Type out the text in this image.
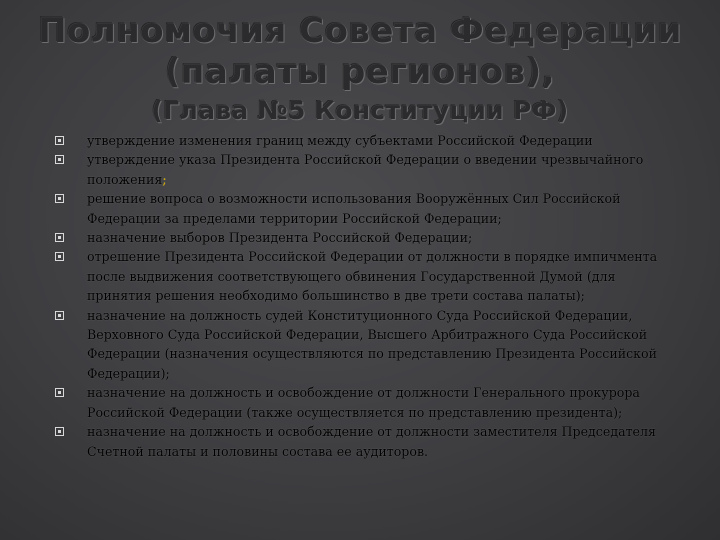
Полномочия Совета Федерации
(палаты регионов),
(Глава №5 Конституции РФ)
утверждение изменения границ между субъектами Российской Федерации
утверждение указа Президента Российской Федерации о введении чрезвычайного положения;
решение вопроса о возможности использования Вооружённых Сил Российской Федерации за пределами территории Российской Федерации;
назначение выборов Президента Российской Федерации;
отрешение Президента Российской Федерации от должности в порядке импичмента после выдвижения соответствующего обвинения Государственной Думой (для принятия решения необходимо большинство в две трети состава палаты);
назначение на должность судей Конституционного Суда Российской Федерации, Верховного Суда Российской Федерации, Высшего Арбитражного Суда Российской Федерации (назначения осуществляются по представлению Президента Российской Федерации);
назначение на должность и освобождение от должности Генерального прокурора Российской Федерации (также осуществляется по представлению президента);
назначение на должность и освобождение от должности заместителя Председателя Счетной палаты и половины состава ее аудиторов.
